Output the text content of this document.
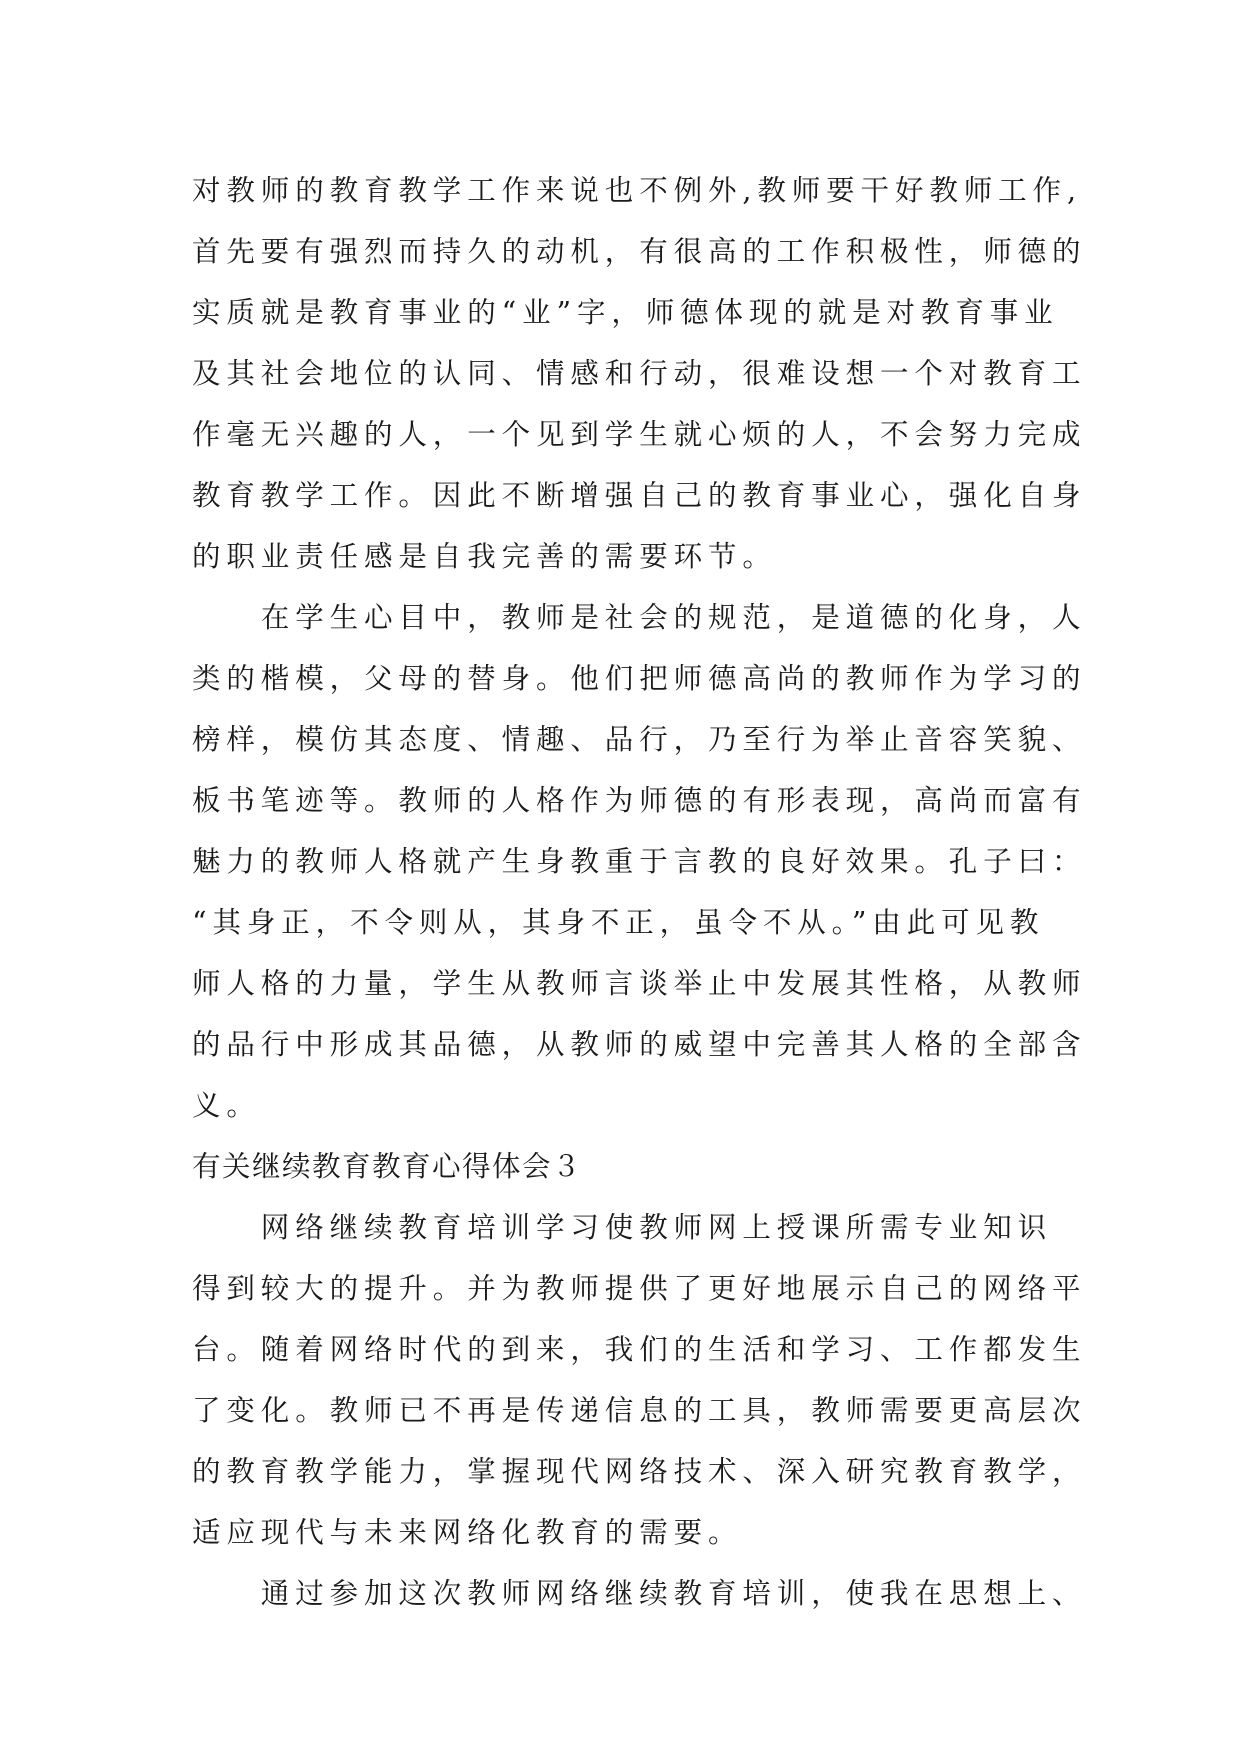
对教师的教育教学工作来说也不例外,教师要干好教师工作,
首先要有强烈而持久的动机，有很高的工作积极性，师德的
实质就是教育事业的“业”字，师德体现的就是对教育事业
及其社会地位的认同、情感和行动，很难设想一个对教育工
作毫无兴趣的人，一个见到学生就心烦的人，不会努力完成
教育教学工作。因此不断增强自己的教育事业心，强化自身
的职业责任感是自我完善的需要环节。
　　在学生心目中，教师是社会的规范，是道德的化身，人
类的楷模，父母的替身。他们把师德高尚的教师作为学习的
榜样，模仿其态度、情趣、品行，乃至行为举止音容笑貌、
板书笔迹等。教师的人格作为师德的有形表现，高尚而富有
魅力的教师人格就产生身教重于言教的良好效果。孔子曰：
“其身正，不令则从，其身不正，虽令不从。”由此可见教
师人格的力量，学生从教师言谈举止中发展其性格，从教师
的品行中形成其品德，从教师的威望中完善其人格的全部含
义。
有关继续教育教育心得体会３
　　网络继续教育培训学习使教师网上授课所需专业知识
得到较大的提升。并为教师提供了更好地展示自己的网络平
台。随着网络时代的到来，我们的生活和学习、工作都发生
了变化。教师已不再是传递信息的工具，教师需要更高层次
的教育教学能力，掌握现代网络技术、深入研究教育教学，
适应现代与未来网络化教育的需要。
　　通过参加这次教师网络继续教育培训，使我在思想上、
